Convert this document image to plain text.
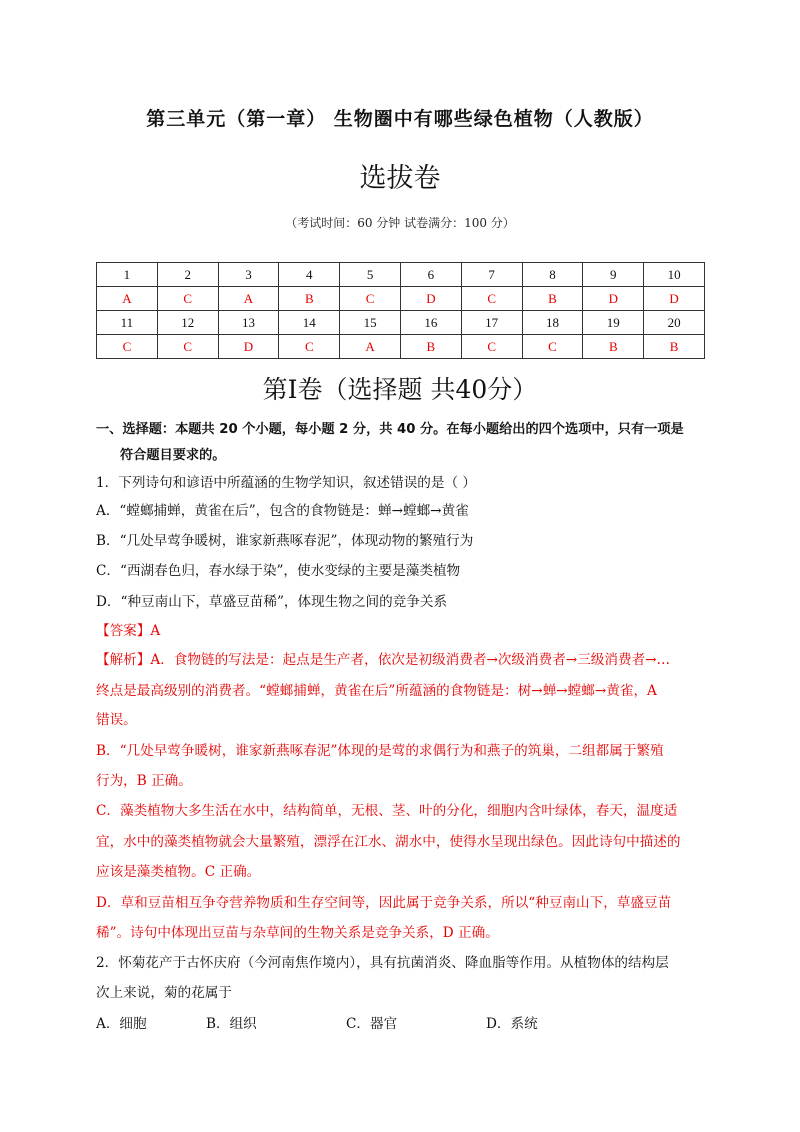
第三单元（第一章） 生物圈中有哪些绿色植物（人教版）
选拔卷
（考试时间：60 分钟 试卷满分：100 分）
1	2	3	4	5	6	7	8	9	10
A	C	A	B	C	D	C	B	D	D
11	12	13	14	15	16	17	18	19	20
C	C	D	C	A	B	C	C	B	B
第Ⅰ卷（选择题 共40分）
一、选择题：本题共 20 个小题，每小题 2 分，共 40 分。在每小题给出的四个选项中，只有一项是
符合题目要求的。
1．下列诗句和谚语中所蕴涵的生物学知识，叙述错误的是（ ）
A．“螳螂捕蝉，黄雀在后”，包含的食物链是：蝉→螳螂→黄雀
B．“几处早莺争暖树，谁家新燕啄春泥”，体现动物的繁殖行为
C．“西湖春色归，春水绿于染”，使水变绿的主要是藻类植物
D．“种豆南山下，草盛豆苗稀”，体现生物之间的竞争关系
【答案】A
【解析】A．食物链的写法是：起点是生产者，依次是初级消费者→次级消费者→三级消费者→…
终点是最高级别的消费者。“螳螂捕蝉，黄雀在后”所蕴涵的食物链是：树→蝉→螳螂→黄雀，A
错误。
B．“几处早莺争暖树，谁家新燕啄春泥”体现的是莺的求偶行为和燕子的筑巢，二组都属于繁殖
行为，B 正确。
C．藻类植物大多生活在水中，结构简单，无根、茎、叶的分化，细胞内含叶绿体，春天，温度适
宜，水中的藻类植物就会大量繁殖，漂浮在江水、湖水中，使得水呈现出绿色。因此诗句中描述的
应该是藻类植物。C 正确。
D．草和豆苗相互争夺营养物质和生存空间等，因此属于竞争关系，所以“种豆南山下，草盛豆苗
稀”。诗句中体现出豆苗与杂草间的生物关系是竞争关系，D 正确。
2．怀菊花产于古怀庆府（今河南焦作境内），具有抗菌消炎、降血脂等作用。从植物体的结构层
次上来说，菊的花属于
A．细胞	B．组织	C．器官	D．系统
